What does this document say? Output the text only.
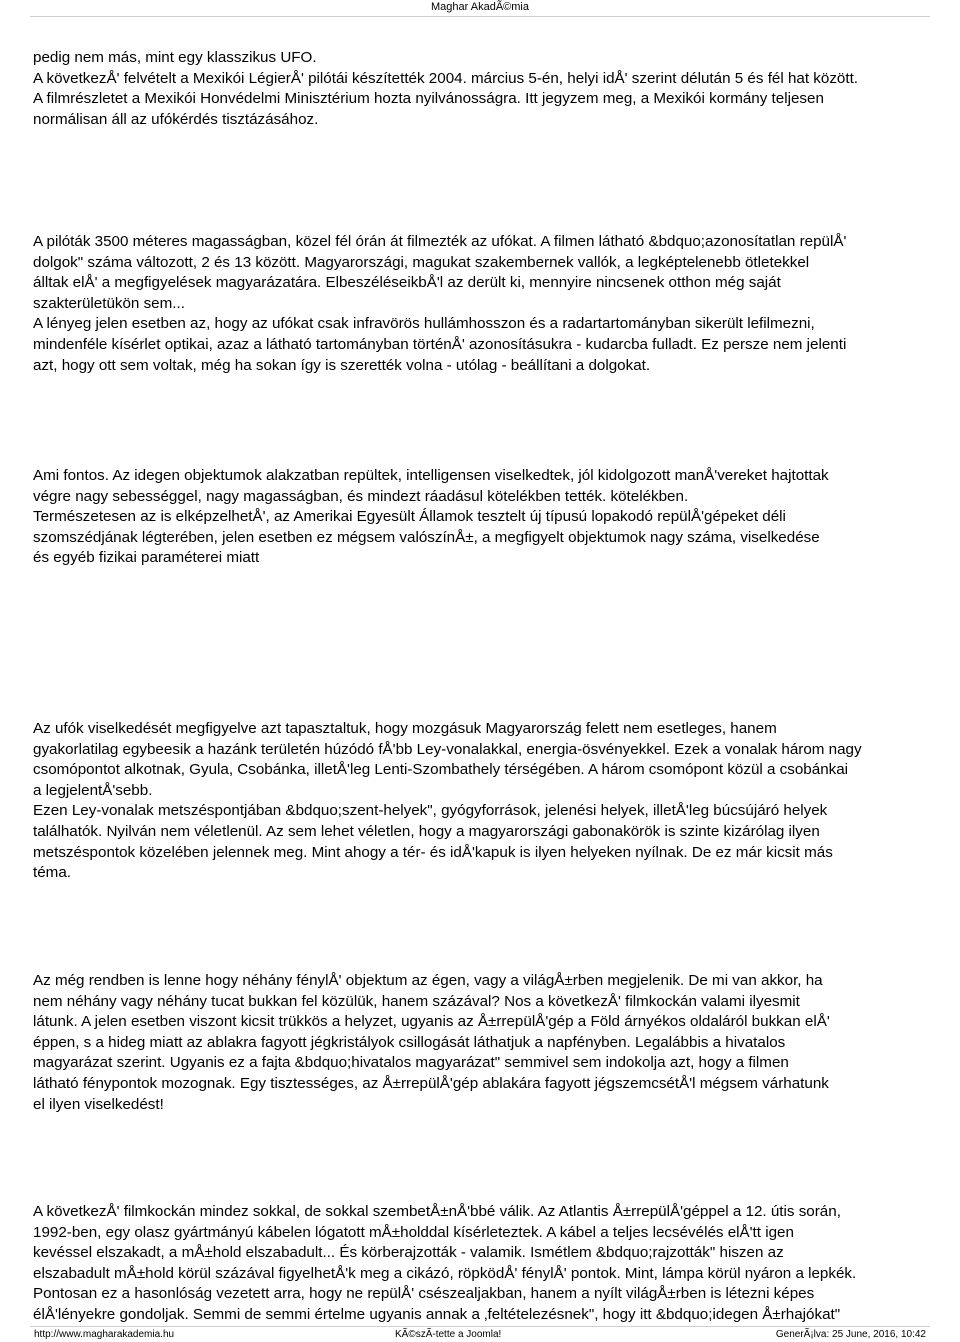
Maghar AkadÃ©mia
pedig nem más, mint egy klasszikus UFO.
A következÅ' felvételt a Mexikói LégierÅ' pilótái készítették 2004. március 5-én, helyi idÅ' szerint délután 5 és fél hat között.
A filmrészletet a Mexikói Honvédelmi Minisztérium hozta nyilvánosságra. Itt jegyzem meg, a Mexikói kormány teljesen
normálisan áll az ufókérdés tisztázásához.
A pilóták 3500 méteres magasságban, közel fél órán át filmezték az ufókat. A filmen látható &bdquo;azonosítatlan repülÅ'
dolgok" száma változott, 2 és 13 között. Magyarországi, magukat szakembernek vallók, a legképtelenebb ötletekkel
álltak elÅ' a megfigyelések magyarázatára. ElbeszéléseikbÅ'l az derült ki, mennyire nincsenek otthon még saját
szakterületükön sem...
A lényeg jelen esetben az, hogy az ufókat csak infravörös hullámhosszon és a radartartományban sikerült lefilmezni,
mindenféle kísérlet optikai, azaz a látható tartományban történÅ' azonosításukra - kudarcba fulladt. Ez persze nem jelenti
azt, hogy ott sem voltak, még ha sokan így is szerették volna - utólag - beállítani a dolgokat.
Ami fontos. Az idegen objektumok alakzatban repültek, intelligensen viselkedtek, jól kidolgozott manÅ'vereket hajtottak
végre nagy sebességgel, nagy magasságban, és mindezt ráadásul kötelékben tették. kötelékben.
Természetesen az is elképzelhetÅ', az Amerikai Egyesült Államok tesztelt új típusú lopakodó repülÅ'gépeket déli
szomszédjának légterében, jelen esetben ez mégsem valószínÅ±, a megfigyelt objektumok nagy száma, viselkedése
és egyéb fizikai paraméterei miatt
Az ufók viselkedését megfigyelve azt tapasztaltuk, hogy mozgásuk Magyarország felett nem esetleges, hanem
gyakorlatilag egybeesik a hazánk területén húzódó fÅ'bb Ley-vonalakkal, energia-ösvényekkel. Ezek a vonalak három nagy
csomópontot alkotnak, Gyula, Csobánka, illetÅ'leg Lenti-Szombathely térségében. A három csomópont közül a csobánkai
a legjelentÅ'sebb.
Ezen Ley-vonalak metszéspontjában &bdquo;szent-helyek", gyógyforrások, jelenési helyek, illetÅ'leg búcsújáró helyek
találhatók. Nyilván nem véletlenül. Az sem lehet véletlen, hogy a magyarországi gabonakörök is szinte kizárólag ilyen
metszéspontok közelében jelennek meg. Mint ahogy a tér- és idÅ'kapuk is ilyen helyeken nyílnak. De ez már kicsit más
téma.
Az még rendben is lenne hogy néhány fénylÅ' objektum az égen, vagy a világÅ±rben megjelenik. De mi van akkor, ha
nem néhány vagy néhány tucat bukkan fel közülük, hanem százával? Nos a következÅ' filmkockán valami ilyesmit
látunk. A jelen esetben viszont kicsit trükkös a helyzet, ugyanis az Å±rrepülÅ'gép a Föld árnyékos oldaláról bukkan elÅ'
éppen, s a hideg miatt az ablakra fagyott jégkristályok csillogását láthatjuk a napfényben. Legalábbis a hivatalos
magyarázat szerint. Ugyanis ez a fajta &bdquo;hivatalos magyarázat" semmivel sem indokolja azt, hogy a filmen
látható fénypontok mozognak. Egy tisztességes, az Å±rrepülÅ'gép ablakára fagyott jégszemcsétÅ'l mégsem várhatunk
el ilyen viselkedést!
A következÅ' filmkockán mindez sokkal, de sokkal szembetÅ±nÅ'bbé válik. Az Atlantis Å±rrepülÅ'géppel a 12. útis során,
1992-ben, egy olasz gyártmányú kábelen lógatott mÅ±holddal kísérleteztek. A kábel a teljes lecsévélés elÅ'tt igen
kevéssel elszakadt, a mÅ±hold elszabadult... És körberajzották - valamik. Ismétlem &bdquo;rajzották" hiszen az
elszabadult mÅ±hold körül százával figyelhetÅ'k meg a cikázó, röpködÅ' fénylÅ' pontok. Mint, lámpa körül nyáron a lepkék.
Pontosan ez a hasonlóság vezetett arra, hogy ne repülÅ' csészealjakban, hanem a nyílt világÅ±rben is létezni képes
élÅ'lényekre gondoljak. Semmi de semmi értelme ugyanis annak a ‚feltételezésnek", hogy itt &bdquo;idegen Å±rhajókat"
http://www.magharakademia.hu	KÃ©szÃ-tette a Joomla!	GenerÃ¡lva: 25 June, 2016, 10:42
